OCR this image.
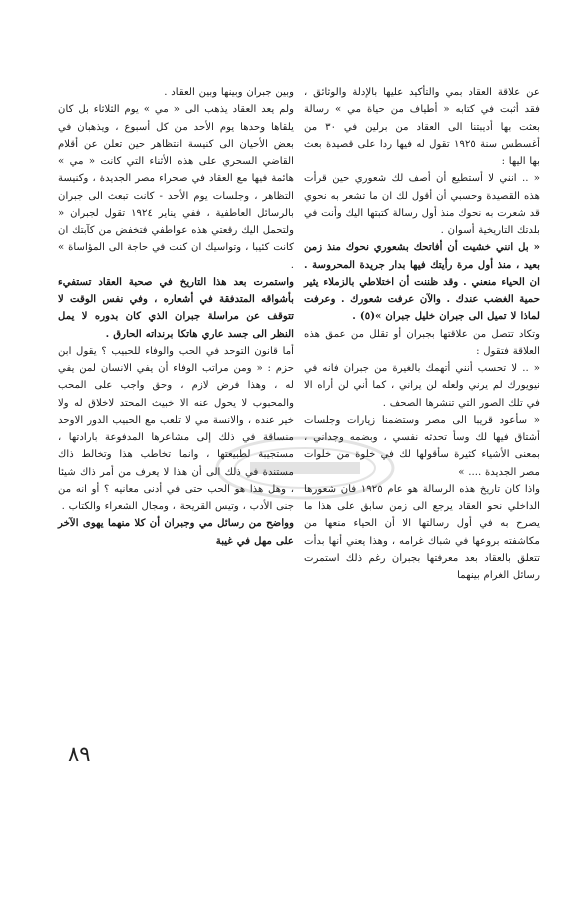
عن علاقة العقاد بمي والتأكيد عليها بالإدلة والوثائق ، فقد أثبت في كتابه « أطياف من حياة مي » رسالة بعثت بها أديبتنا الى العقاد من برلين في ٣٠ من أغسطس سنة ١٩٢٥ تقول له فيها ردا على قصيدة بعث بها اليها :

« .. انني لا أستطيع أن أصف لك شعوري حين قرأت هذه القصيدة وحسبي أن أقول لك ان ما تشعر به نحوي قد شعرت به نحوك منذ أول رسالة كتبتها اليك وأنت في بلدتك التاريخية أسوان .

« بل انني خشيت أن أفاتحك بشعوري نحوك منذ زمن بعيد ، منذ أول مرة رأيتك فيها بدار جريدة المحروسة . ان الحياء منعني . وقد ظننت أن اختلاطي بالزملاء يثير حمية الغضب عندك . والآن عرفت شعورك . وعرفت لماذا لا تميل الى جبران خليل جبران »(٥) .

وتكاد تتصل من علاقتها بجبران أو تقلل من عمق هذه العلاقة فتقول :

« .. لا تحسب أنني أتهمك بالغيرة من جبران فانه في نيويورك لم يرني ولعله لن يراني ، كما أني لن أراه الا في تلك الصور التي تنشرها الصحف .

« سأعود قريبا الى مصر وستضمنا زيارات وجلسات أشتاق فيها لك وسأ تحدثه نفسي ، وبضمه وجداني ، بمعنى الأشياء كثيرة سأقولها لك في خلوة من خلوات مصر الجديدة .... »

واذا كان تاريخ هذه الرسالة هو عام ١٩٢٥ فان شعورها الداخلي نحو العقاد يرجع الى زمن سابق على هذا ما يصرح به في أول رسالتها الا أن الحياء منعها من مكاشفته بروعها في شباك غرامه ، وهذا يعني أنها بدأت تتعلق بالعقاد بعد معرفتها بجبران رغم ذلك استمرت رسائل الغرام بينهما

وبين جبران وبينها وبين العقاد .

ولم يعد العقاد يذهب الى « مي » يوم الثلاثاء بل كان يلقاها وحدها يوم الأحد من كل أسبوع ، ويذهبان في بعض الأحيان الى كنيسة انتظاهر حين تعلن عن أقلام القاضي السحري على هذه الأثناء التي كانت « مي » هائمة فيها مع العقاد في صحراء مصر الجديدة ، وكنيسة التظاهر ، وجلسات يوم الأحد - كانت تبعث الى جبران بالرسائل العاطفية ، ففي يناير ١٩٢٤ تقول لجبران « ولتحمل اليك رقعتي هذه عواطفي فتخفض من كآبتك ان كانت كئيبا ، وتواسيك ان كنت في حاجة الى المؤاساة » .

واستمرت بعد هذا التاريخ في صحبة العقاد تستفيء بأشواقه المتدفقة في أشعاره ، وفي نفس الوقت لا تتوقف عن مراسلة جبران الذي كان بدوره لا يمل النظر الى جسد عاري هاتكا برنداته الحارق .

أما قانون التوحد في الحب والوفاء للحبيب ؟ يقول ابن حزم : « ومن مراتب الوفاء أن يفي الانسان لمن يفي له ، وهذا فرض لازم ، وحق واجب على المحب والمحبوب لا يحول عنه الا خبيث المحتد لاخلاق له ولا خير عنده ، والانسة مي لا تلعب مع الحبيب الدور الاوحد منساقة في ذلك إلى مشاعرها المدفوعة بارادتها ، مستجيبة لطبيعتها ، وانما تخاطب هذا وتخالط ذاك مستندة في ذلك الى أن هذا لا يعرف من أمر ذاك شيئا ، وهل هذا هو الحب حتى في أدنى معانيه ؟ أو انه من جنى الأدب ، وتيس القريحة ، ومجال الشعراء والكتاب .

وواضح من رسائل مي وجبران أن كلا منهما يهوى الآخر على مهل في غيبة

٨٩
